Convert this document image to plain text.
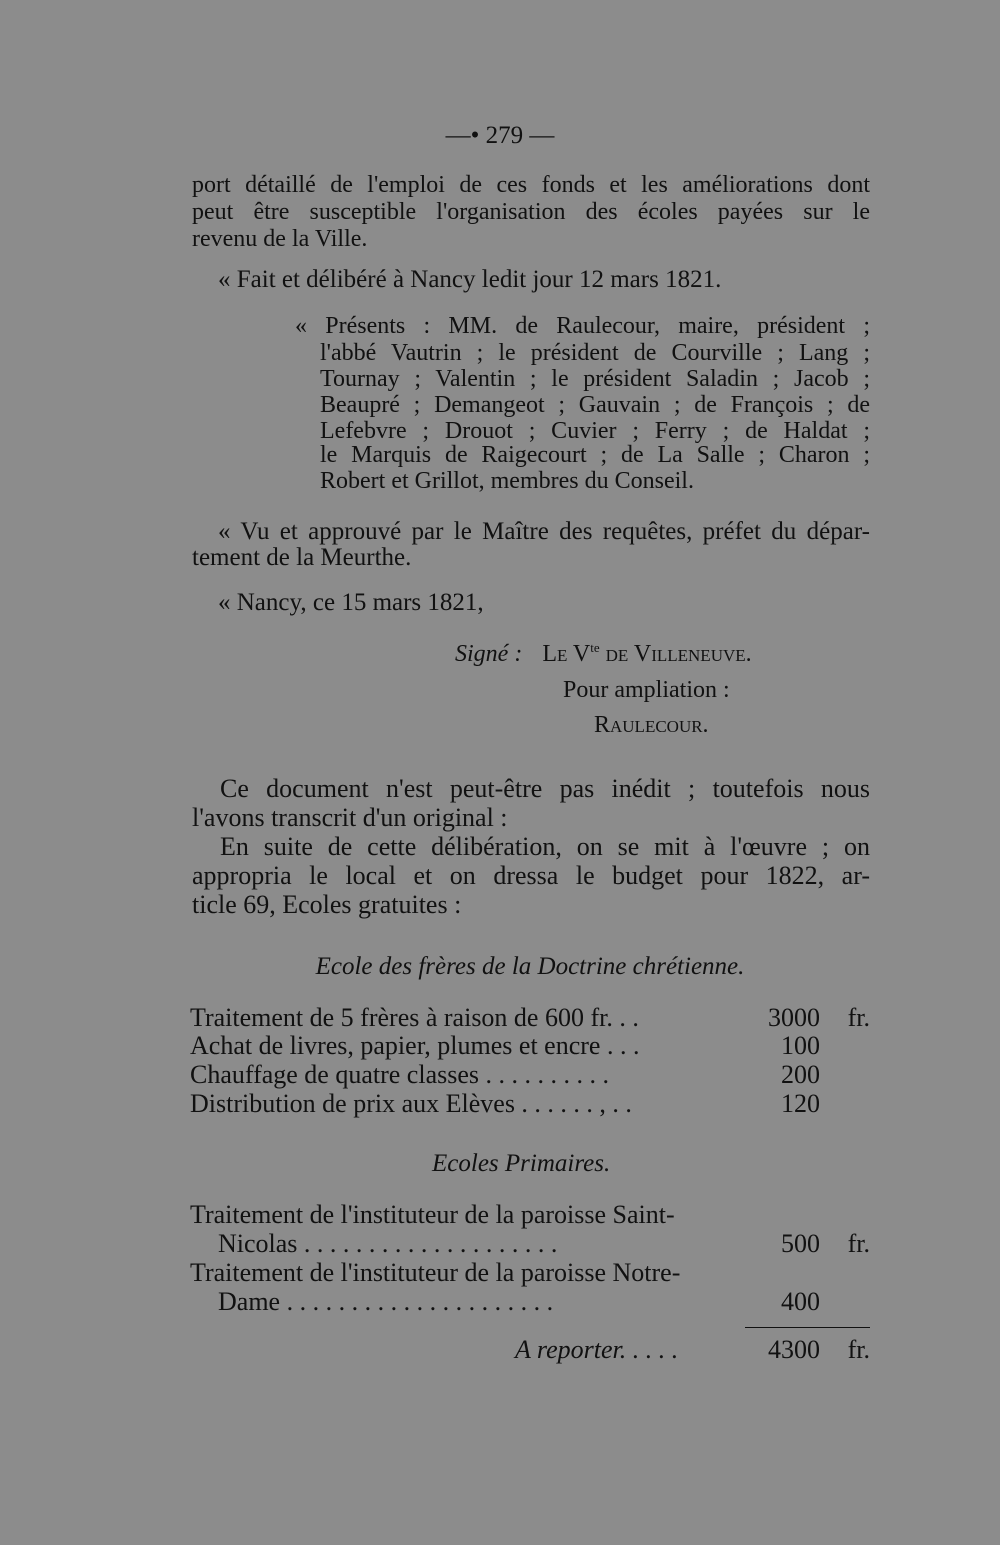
—• 279 —
port détaillé de l'emploi de ces fonds et les améliorations dont
peut être susceptible l'organisation des écoles payées sur le
revenu de la Ville.
« Fait et délibéré à Nancy ledit jour 12 mars 1821.
« Présents : MM. de Raulecour, maire, président ;
l'abbé Vautrin ; le président de Courville ; Lang ;
Tournay ; Valentin ; le président Saladin ; Jacob ;
Beaupré ; Demangeot ; Gauvain ; de François ; de
Lefebvre ; Drouot ; Cuvier ; Ferry ; de Haldat ;
le Marquis de Raigecourt ; de La Salle ; Charon ;
Robert et Grillot, membres du Conseil.
« Vu et approuvé par le Maître des requêtes, préfet du dépar-
tement de la Meurthe.
« Nancy, ce 15 mars 1821,
Signé : Le $V^{te}$ de Villeneuve.
Pour ampliation :
Raulecour.
Ce document n'est peut-être pas inédit ; toutefois nous
l'avons transcrit d'un original :
En suite de cette délibération, on se mit à l'œuvre ; on
appropria le local et on dressa le budget pour 1822, ar-
ticle 69, Ecoles gratuites :
Ecole des frères de la Doctrine chrétienne.
Traitement de 5 frères à raison de 600 fr. . .	3000 fr.
Achat de livres, papier, plumes et encre . . .	100
Chauffage de quatre classes . . . . . . . . . .	200
Distribution de prix aux Elèves . . . . . . , . .	120
Ecoles Primaires.
Traitement de l'instituteur de la paroisse Saint-
Nicolas . . . . . . . . . . . . . . . . . . . .	500 fr.
Traitement de l'instituteur de la paroisse Notre-
Dame . . . . . . . . . . . . . . . . . . . . .	400
A reporter. . . . .	4300 fr.
